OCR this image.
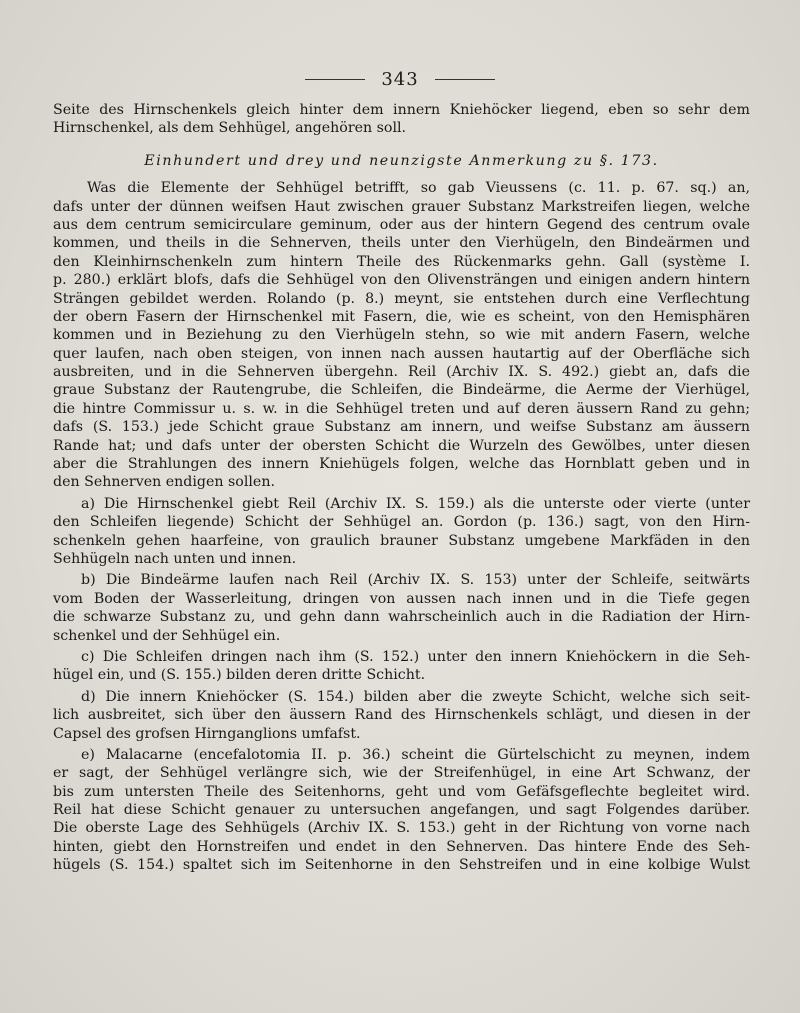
343
Seite des Hirnschenkels gleich hinter dem innern Kniehöcker liegend, eben so sehr dem
Hirnschenkel, als dem Sehhügel, angehören soll.
Einhundert und drey und neunzigste Anmerkung zu §. 173.
Was die Elemente der Sehhügel betrifft, so gab Vieussens (c. 11. p. 67. sq.) an,
dafs unter der dünnen weifsen Haut zwischen grauer Substanz Markstreifen liegen, welche
aus dem centrum semicirculare geminum, oder aus der hintern Gegend des centrum ovale
kommen, und theils in die Sehnerven, theils unter den Vierhügeln, den Bindeärmen und
den Kleinhirnschenkeln zum hintern Theile des Rückenmarks gehn. Gall (système I.
p. 280.) erklärt blofs, dafs die Sehhügel von den Olivensträngen und einigen andern hintern
Strängen gebildet werden. Rolando (p. 8.) meynt, sie entstehen durch eine Verflechtung
der obern Fasern der Hirnschenkel mit Fasern, die, wie es scheint, von den Hemisphären
kommen und in Beziehung zu den Vierhügeln stehn, so wie mit andern Fasern, welche
quer laufen, nach oben steigen, von innen nach aussen hautartig auf der Oberfläche sich
ausbreiten, und in die Sehnerven übergehn. Reil (Archiv IX. S. 492.) giebt an, dafs die
graue Substanz der Rautengrube, die Schleifen, die Bindeärme, die Aerme der Vierhügel,
die hintre Commissur u. s. w. in die Sehhügel treten und auf deren äussern Rand zu gehn;
dafs (S. 153.) jede Schicht graue Substanz am innern, und weifse Substanz am äussern
Rande hat; und dafs unter der obersten Schicht die Wurzeln des Gewölbes, unter diesen
aber die Strahlungen des innern Kniehügels folgen, welche das Hornblatt geben und in
den Sehnerven endigen sollen.
a) Die Hirnschenkel giebt Reil (Archiv IX. S. 159.) als die unterste oder vierte (unter
den Schleifen liegende) Schicht der Sehhügel an. Gordon (p. 136.) sagt, von den Hirn-
schenkeln gehen haarfeine, von graulich brauner Substanz umgebene Markfäden in den
Sehhügeln nach unten und innen.
b) Die Bindeärme laufen nach Reil (Archiv IX. S. 153) unter der Schleife, seitwärts
vom Boden der Wasserleitung, dringen von aussen nach innen und in die Tiefe gegen
die schwarze Substanz zu, und gehn dann wahrscheinlich auch in die Radiation der Hirn-
schenkel und der Sehhügel ein.
c) Die Schleifen dringen nach ihm (S. 152.) unter den innern Kniehöckern in die Seh-
hügel ein, und (S. 155.) bilden deren dritte Schicht.
d) Die innern Kniehöcker (S. 154.) bilden aber die zweyte Schicht, welche sich seit-
lich ausbreitet, sich über den äussern Rand des Hirnschenkels schlägt, und diesen in der
Capsel des grofsen Hirnganglions umfafst.
e) Malacarne (encefalotomia II. p. 36.) scheint die Gürtelschicht zu meynen, indem
er sagt, der Sehhügel verlängre sich, wie der Streifenhügel, in eine Art Schwanz, der
bis zum untersten Theile des Seitenhorns, geht und vom Gefäfsgeflechte begleitet wird.
Reil hat diese Schicht genauer zu untersuchen angefangen, und sagt Folgendes darüber.
Die oberste Lage des Sehhügels (Archiv IX. S. 153.) geht in der Richtung von vorne nach
hinten, giebt den Hornstreifen und endet in den Sehnerven. Das hintere Ende des Seh-
hügels (S. 154.) spaltet sich im Seitenhorne in den Sehstreifen und in eine kolbige Wulst
